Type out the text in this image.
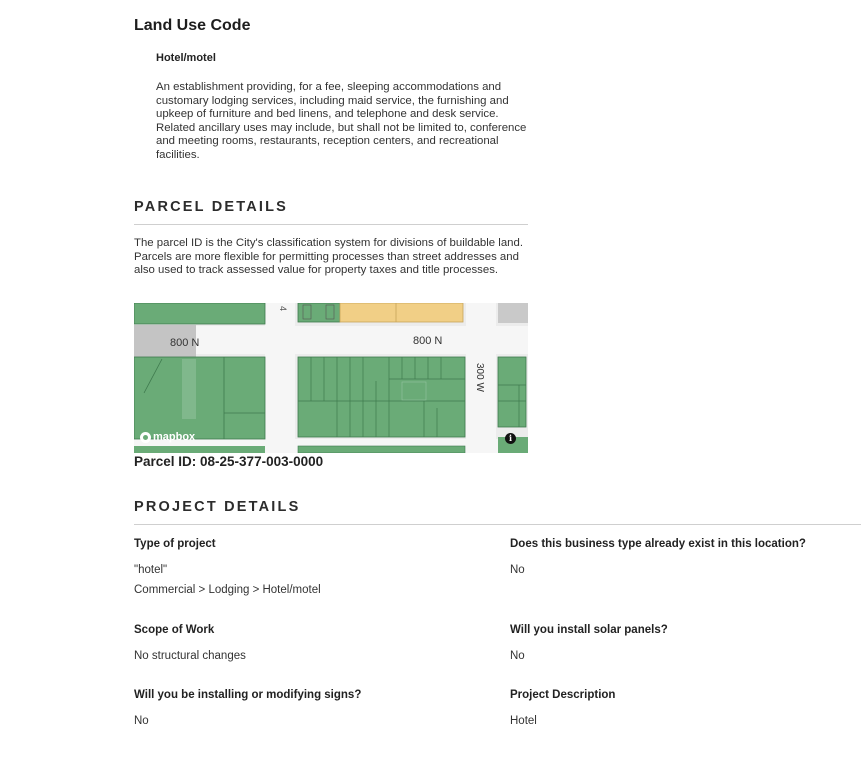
Land Use Code
Hotel/motel
An establishment providing, for a fee, sleeping accommodations and customary lodging services, including maid service, the furnishing and upkeep of furniture and bed linens, and telephone and desk service. Related ancillary uses may include, but shall not be limited to, conference and meeting rooms, restaurants, reception centers, and recreational facilities.
PARCEL DETAILS
The parcel ID is the City's classification system for divisions of buildable land. Parcels are more flexible for permitting processes than street addresses and also used to track assessed value for property taxes and title processes.
800 N	800 N
300 W
4
mapbox	i
Parcel ID: 08-25-377-003-0000
PROJECT DETAILS
Type of project
"hotel"
Commercial > Lodging > Hotel/motel
Does this business type already exist in this location?
No
Scope of Work
No structural changes
Will you install solar panels?
No
Will you be installing or modifying signs?
No
Project Description
Hotel
